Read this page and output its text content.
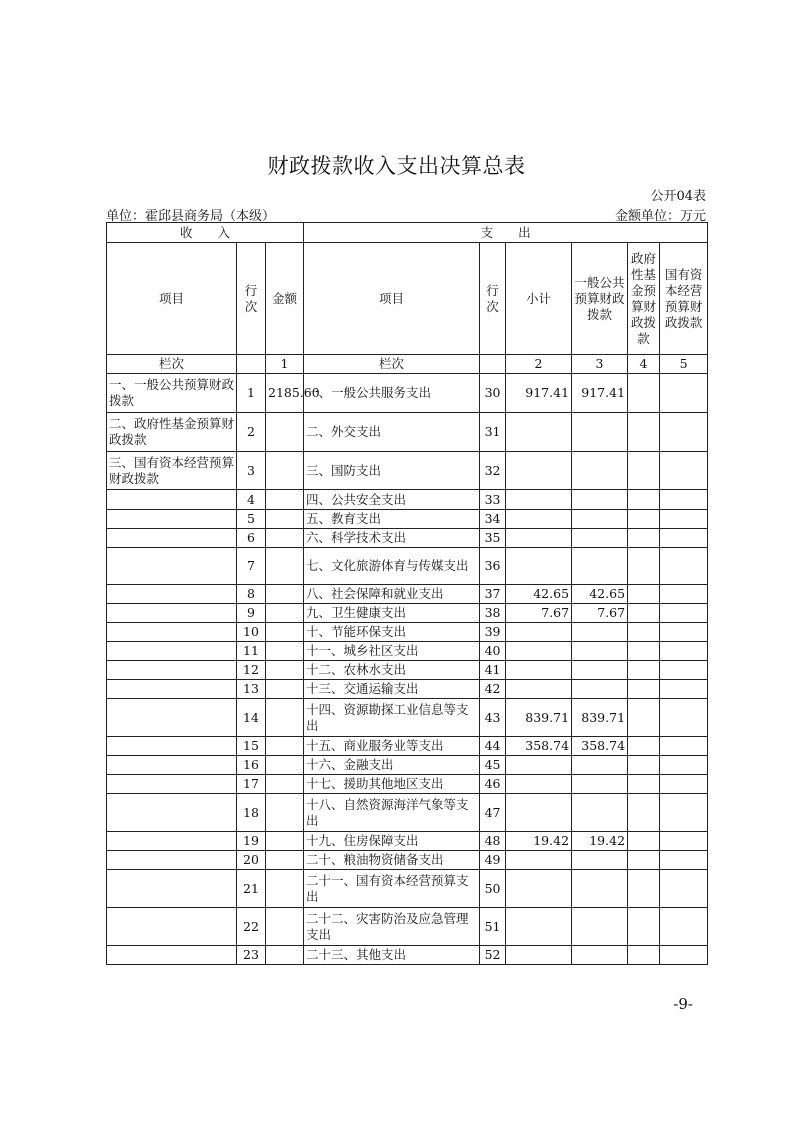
财政拨款收入支出决算总表
公开04表
单位：霍邱县商务局（本级）	金额单位：万元
收　　入			支　　出					
项目	行次	金额	项目	行次	小计	一般公共预算财政拨款	政府性基金预算财政拨款	国有资本经营预算财政拨款
栏次		1	栏次		2	3	4	5
一、一般公共预算财政拨款	1	2185.60	一、一般公共服务支出	30	917.41	917.41		
二、政府性基金预算财政拨款	2		二、外交支出	31				
三、国有资本经营预算财政拨款	3		三、国防支出	32				
	4		四、公共安全支出	33				
	5		五、教育支出	34				
	6		六、科学技术支出	35				
	7		七、文化旅游体育与传媒支出	36				
	8		八、社会保障和就业支出	37	42.65	42.65		
	9		九、卫生健康支出	38	7.67	7.67		
	10		十、节能环保支出	39				
	11		十一、城乡社区支出	40				
	12		十二、农林水支出	41				
	13		十三、交通运输支出	42				
	14		十四、资源勘探工业信息等支出	43	839.71	839.71		
	15		十五、商业服务业等支出	44	358.74	358.74		
	16		十六、金融支出	45				
	17		十七、援助其他地区支出	46				
	18		十八、自然资源海洋气象等支出	47				
	19		十九、住房保障支出	48	19.42	19.42		
	20		二十、粮油物资储备支出	49				
	21		二十一、国有资本经营预算支出	50				
	22		二十二、灾害防治及应急管理支出	51				
	23		二十三、其他支出	52				
-9-
